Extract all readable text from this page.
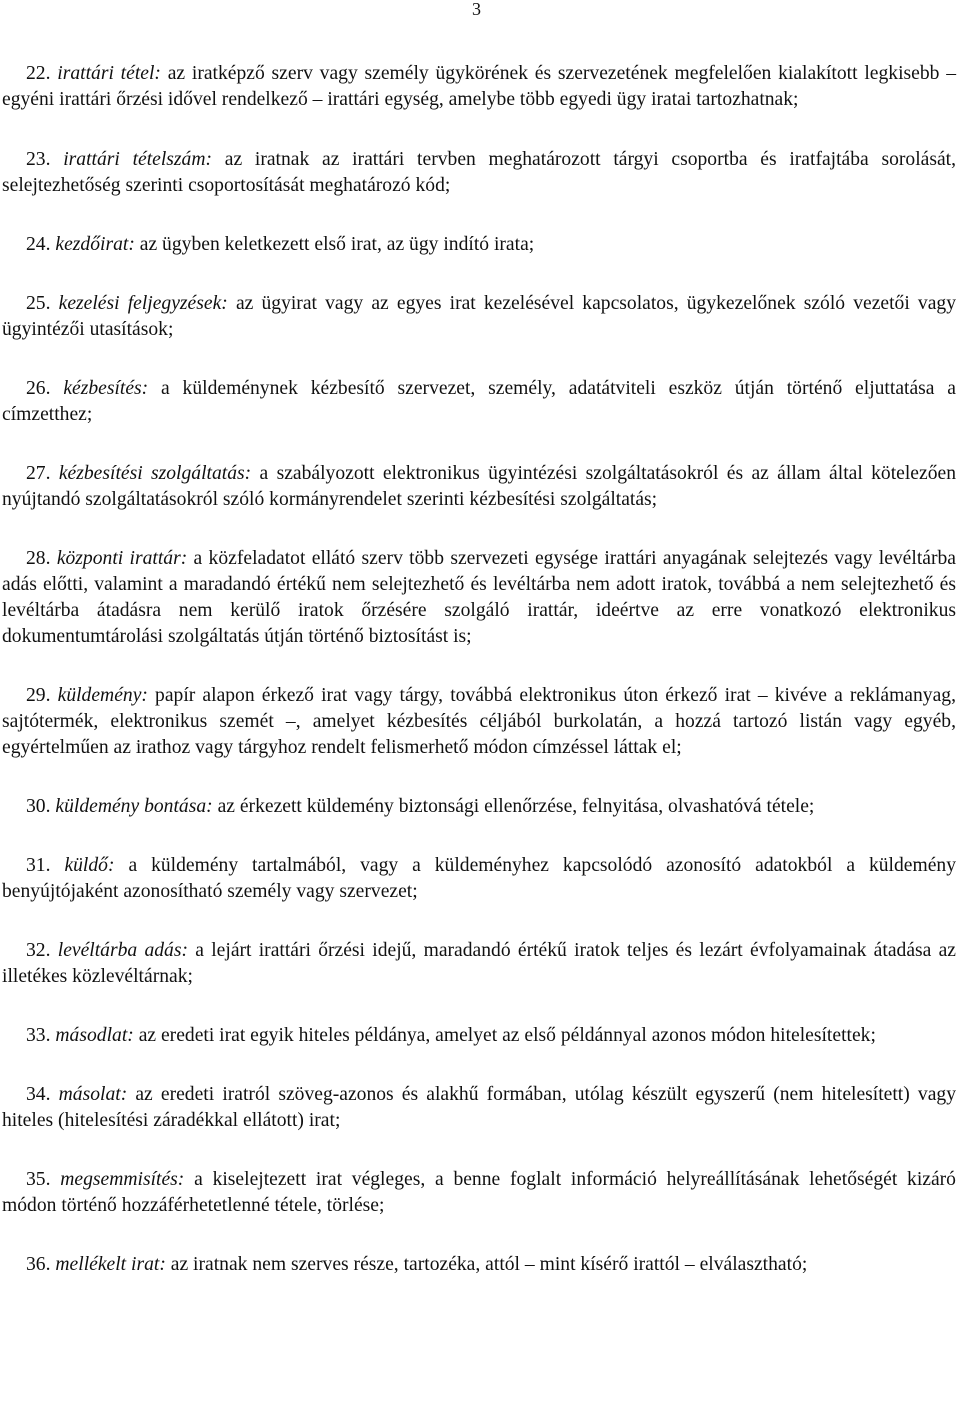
3
22. irattári tétel: az iratképző szerv vagy személy ügykörének és szervezetének megfelelően kialakított legkisebb – egyéni irattári őrzési idővel rendelkező – irattári egység, amelybe több egyedi ügy iratai tartozhatnak;
23. irattári tételszám: az iratnak az irattári tervben meghatározott tárgyi csoportba és iratfajtába sorolását, selejtezhetőség szerinti csoportosítását meghatározó kód;
24. kezdőirat: az ügyben keletkezett első irat, az ügy indító irata;
25. kezelési feljegyzések: az ügyirat vagy az egyes irat kezelésével kapcsolatos, ügykezelőnek szóló vezetői vagy ügyintézői utasítások;
26. kézbesítés: a küldeménynek kézbesítő szervezet, személy, adatátviteli eszköz útján történő eljuttatása a címzetthez;
27. kézbesítési szolgáltatás: a szabályozott elektronikus ügyintézési szolgáltatásokról és az állam által kötelezően nyújtandó szolgáltatásokról szóló kormányrendelet szerinti kézbesítési szolgáltatás;
28. központi irattár: a közfeladatot ellátó szerv több szervezeti egysége irattári anyagának selejtezés vagy levéltárba adás előtti, valamint a maradandó értékű nem selejtezhető és levéltárba nem adott iratok, továbbá a nem selejtezhető és levéltárba átadásra nem kerülő iratok őrzésére szolgáló irattár, ideértve az erre vonatkozó elektronikus dokumentumtárolási szolgáltatás útján történő biztosítást is;
29. küldemény: papír alapon érkező irat vagy tárgy, továbbá elektronikus úton érkező irat – kivéve a reklámanyag, sajtótermék, elektronikus szemét –, amelyet kézbesítés céljából burkolatán, a hozzá tartozó listán vagy egyéb, egyértelműen az irathoz vagy tárgyhoz rendelt felismerhető módon címzéssel láttak el;
30. küldemény bontása: az érkezett küldemény biztonsági ellenőrzése, felnyitása, olvashatóvá tétele;
31. küldő: a küldemény tartalmából, vagy a küldeményhez kapcsolódó azonosító adatokból a küldemény benyújtójaként azonosítható személy vagy szervezet;
32. levéltárba adás: a lejárt irattári őrzési idejű, maradandó értékű iratok teljes és lezárt évfolyamainak átadása az illetékes közlevéltárnak;
33. másodlat: az eredeti irat egyik hiteles példánya, amelyet az első példánnyal azonos módon hitelesítettek;
34. másolat: az eredeti iratról szöveg-azonos és alakhű formában, utólag készült egyszerű (nem hitelesített) vagy hiteles (hitelesítési záradékkal ellátott) irat;
35. megsemmisítés: a kiselejtezett irat végleges, a benne foglalt információ helyreállításának lehetőségét kizáró módon történő hozzáférhetetlenné tétele, törlése;
36. mellékelt irat: az iratnak nem szerves része, tartozéka, attól – mint kísérő irattól – elválasztható;
